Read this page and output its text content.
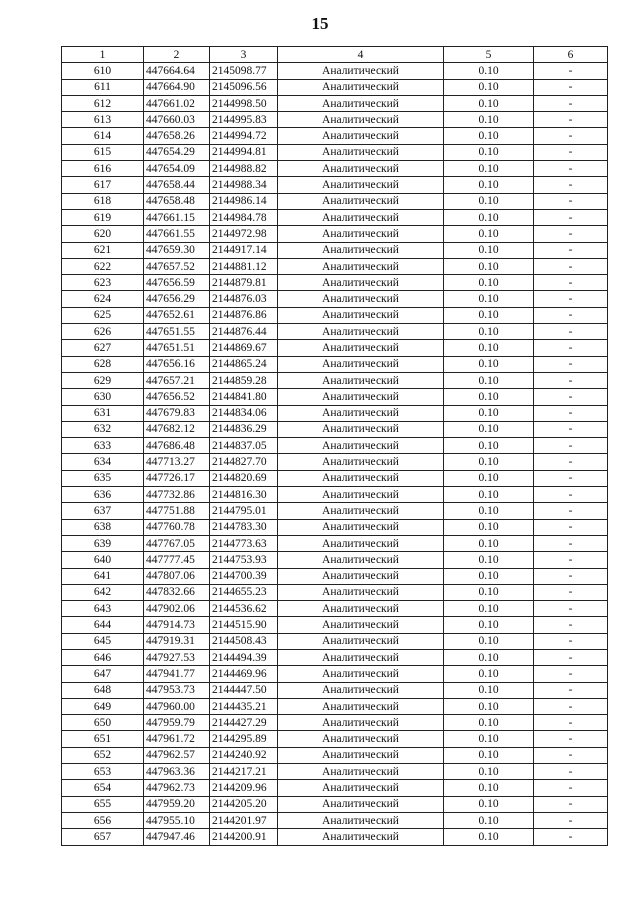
15
1	2	3	4	5	6
610	447664.64	2145098.77	Аналитический	0.10	-
611	447664.90	2145096.56	Аналитический	0.10	-
612	447661.02	2144998.50	Аналитический	0.10	-
613	447660.03	2144995.83	Аналитический	0.10	-
614	447658.26	2144994.72	Аналитический	0.10	-
615	447654.29	2144994.81	Аналитический	0.10	-
616	447654.09	2144988.82	Аналитический	0.10	-
617	447658.44	2144988.34	Аналитический	0.10	-
618	447658.48	2144986.14	Аналитический	0.10	-
619	447661.15	2144984.78	Аналитический	0.10	-
620	447661.55	2144972.98	Аналитический	0.10	-
621	447659.30	2144917.14	Аналитический	0.10	-
622	447657.52	2144881.12	Аналитический	0.10	-
623	447656.59	2144879.81	Аналитический	0.10	-
624	447656.29	2144876.03	Аналитический	0.10	-
625	447652.61	2144876.86	Аналитический	0.10	-
626	447651.55	2144876.44	Аналитический	0.10	-
627	447651.51	2144869.67	Аналитический	0.10	-
628	447656.16	2144865.24	Аналитический	0.10	-
629	447657.21	2144859.28	Аналитический	0.10	-
630	447656.52	2144841.80	Аналитический	0.10	-
631	447679.83	2144834.06	Аналитический	0.10	-
632	447682.12	2144836.29	Аналитический	0.10	-
633	447686.48	2144837.05	Аналитический	0.10	-
634	447713.27	2144827.70	Аналитический	0.10	-
635	447726.17	2144820.69	Аналитический	0.10	-
636	447732.86	2144816.30	Аналитический	0.10	-
637	447751.88	2144795.01	Аналитический	0.10	-
638	447760.78	2144783.30	Аналитический	0.10	-
639	447767.05	2144773.63	Аналитический	0.10	-
640	447777.45	2144753.93	Аналитический	0.10	-
641	447807.06	2144700.39	Аналитический	0.10	-
642	447832.66	2144655.23	Аналитический	0.10	-
643	447902.06	2144536.62	Аналитический	0.10	-
644	447914.73	2144515.90	Аналитический	0.10	-
645	447919.31	2144508.43	Аналитический	0.10	-
646	447927.53	2144494.39	Аналитический	0.10	-
647	447941.77	2144469.96	Аналитический	0.10	-
648	447953.73	2144447.50	Аналитический	0.10	-
649	447960.00	2144435.21	Аналитический	0.10	-
650	447959.79	2144427.29	Аналитический	0.10	-
651	447961.72	2144295.89	Аналитический	0.10	-
652	447962.57	2144240.92	Аналитический	0.10	-
653	447963.36	2144217.21	Аналитический	0.10	-
654	447962.73	2144209.96	Аналитический	0.10	-
655	447959.20	2144205.20	Аналитический	0.10	-
656	447955.10	2144201.97	Аналитический	0.10	-
657	447947.46	2144200.91	Аналитический	0.10	-
